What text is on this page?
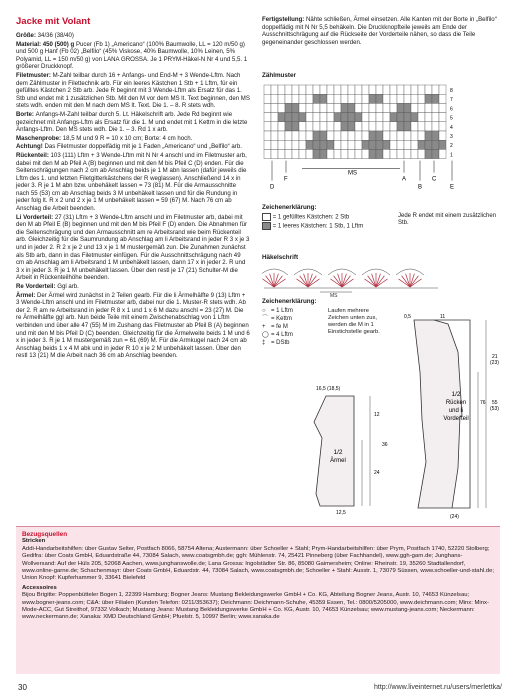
Jacke mit Volant

Größe: 34/36 (38/40)

Material: 450 (500) g Pucer (Fb 1) „Americano“ (100% Baumwolle, LL = 120 m/50 g) und 500 g Hanf (Fb 02) „Belfilo“ (45% Viskose, 40% Baumwolle, 10% Leinen, 5% Polyamid, LL = 150 m/50 g) von LANA GROSSA. Je 1 PRYM-Häkel-N Nr 4 und 5,5. 1 größerer Druckknopf.

Filetmuster: M-Zahl teilbar durch 16 + Anfangs- und End-M + 3 Wende-Lftm. Nach dem Zählmuster in Filettechnik arb. Für ein leeres Kästchen 1 Stb + 1 Lftm, für ein gefülltes Kästchen 2 Stb arb. Jede R beginnt mit 3 Wende-Lftm als Ersatz für das 1. Stb und endet mit 1 zusätzlichen Stb. Mit den M vor dem MS lt. Text beginnen, den MS stets wdh. enden mit den M nach dem MS lt. Text. Die 1. – 8. R stets wdh.

Borte: Anfangs-M-Zahl teilbar durch 5. Lt. Häkelschrift arb. Jede Rd beginnt wie gezeichnet mit Anfangs-Lftm als Ersatz für die 1. M und endet mit 1 Kettm in die letzte Anfangs-Lftm. Den MS stets wdh. Die 1. – 3. Rd 1 x arb.

Maschenprobe: 18,5 M und 9 R = 10 x 10 cm; Borte: 4 cm hoch.

Achtung! Das Filetmuster doppelfädig mit je 1 Faden „Americano“ und „Belfilo“ arb.

Rückenteil: 103 (111) Lftm + 3 Wende-Lftm mit N Nr 4 anschl und im Filetmuster arb, dabei mit den M ab Pfeil A (B) beginnen und mit den M bis Pfeil C (D) enden. Für die Seitenschrägungen nach 2 cm ab Anschlag beids je 1 M abn lassen (dafür jeweils die Lftm des 1. und letzten Filetgitterkästchens der R weglassen). Anschließend 14 x in jeder 3. R je 1 M abn bzw. unbehäkelt lassen = 73 (81) M. Für die Armausschnitte nach 55 (53) cm ab Anschlag beids 3 M unbehäkelt lassen und für die Rundung in jeder folg lt. R x 2 und 2 x je 1 M unbehäkelt lassen = 59 (67) M. Nach 76 cm ab Anschlag die Arbeit beenden.

Li Vorderteil: 27 (31) Lftm + 3 Wende-Lftm anschl und im Filetmuster arb, dabei mit den M ab Pfeil E (B) beginnen und mit den M bis Pfeil F (D) enden. Die Abnahmen für die Seitenschrägung und den Armausschnitt am re Arbeitsrand wie beim Rückenteil arb. Gleichzeitig für die Saumrundung ab Anschlag am li Arbeitsrand in jeder R 3 x je 3 und in jeder 2. R 2 x je 2 und 13 x je 1 M mustergemäß zun. Die Zunahmen zunächst als Stb arb, dann in das Filetmuster einfügen. Für die Ausschnittschrägung nach 49 cm ab Anschlag am li Arbeitsrand 1 M unbehäkelt lassen, dann 17 x in jeder 2. R und 3 x in jeder 3. R je 1 M unbehäkelt lassen. Über den restl je 17 (21) Schulter-M die Arbeit in Rückenteilhöhe beenden.

Re Vorderteil: Ggl arb.

Ärmel: Der Ärmel wird zunächst in 2 Teilen gearb. Für die li Ärmelhälfte 9 (13) Lftm + 3 Wende-Lftm anschl und im Filetmuster arb, dabei nur die 1. Muster-R stets wdh. Ab der 2. R am re Arbeitsrand in jeder R 8 x 1 und 1 x 6 M dazu anschl = 23 (27) M. Die re Ärmelhälfte ggl arb. Nun beide Teile mit einem Zwischenabschlag von 1 Lftm verbinden und über alle 47 (55) M im Zushang das Filetmuster ab Pfeil B (A) beginnen und mit den M bis Pfeil D (C) beenden. Gleichzeitig für die Ärmelweite beids 1 M und 6 x in jeder 3. R je 1 M mustergemäß zun = 61 (69) M. Für die Armkugel nach 24 cm ab Anschlag beids 1 x 4 M abk und in jeder R 10 x je 2 M unbehäkelt lassen. Über den restl 13 (21) M die Arbeit nach 36 cm ab Anschlag beenden.

Fertigstellung: Nähte schließen, Ärmel einsetzen. Alle Kanten mit der Borte in „Belfilo“ doppelfädig mit N Nr 5,5 behäkeln. Die Druckknopfteile jeweils am Ende der Ausschnittschrägung auf die Rückseite der Vorderteile nähen, so dass die Teile gegeneinander geschlossen werden.

Zählmuster
8
7
6
5
4
3
2
1
D
F
MS
A
B
C
E
Zeichenerklärung:
= 1 gefülltes Kästchen: 2 Stb
= 1 leeres Kästchen: 1 Stb, 1 Lftm
Jede R endet mit einem zusätzlichen Stb.
Häkelschrift
MS
Zeichenerklärung:
○= 1 Lftm
⌒= Kettm
+= fe M
◯= 4 Lftm
‡= DStb
Laufen mehrere Zeichen unten zus, werden die M in 1 Einstichstelle gearb.
1/2
Rücken
und li
Vorderteil
0,5	11
21
(23)
55
(53)
76
(24)
1/2
Ärmel
16,5 (18,5)
12
24
36
12,5
Bezugsquellen
Stricken

Addi-Handarbeitshilfen: über Gustav Selter, Postfach 8066, 58754 Altena; Austermann: über Schoeller + Stahl; Prym-Handarbeitshilfen: über Prym, Postfach 1740, 52220 Stolberg; Gedifra: über Coats GmbH, Eduardstraße 44, 73084 Salach, www.coatsgmbh.de; ggh: Mühlenstr. 74, 25421 Pinneberg (über Fachhandel), www.ggh-garn.de; Junghans-Wollversand: Auf der Hüls 205, 52068 Aachen, www.junghanswolle.de; Lana Grossa: Ingolstädter Str. 86, 85080 Gaimersheim; Online: Rheinstr. 19, 35260 Stadtallendorf, www.online-garne.de; Schachenmayr: über Coats GmbH, Eduardstr. 44, 73084 Salach, www.coatsgmbh.de; Schoeller + Stahl: Ausstr. 1, 73079 Süssen, www.schoeller-und-stahl.de; Union Knopf: Kupferhammer 9, 33641 Bielefeld

Accessoires

Bijou Brigitte: Poppenbütteler Bogen 1, 22399 Hamburg; Bogner Jeans: Mustang Bekleidungswerke GmbH + Co. KG, Abteilung Bogner Jeans, Austr. 10, 74653 Künzelsau; www.bogner-jeans.com; C&A: über Filialen (Kunden Telefon: 0211/353637); Deichmann: Deichmann-Schuhe, 45359 Essen, Tel.: 0800/5205000, www.deichmann.com; Minx: Minx-Mode-ACC, Gut Streithof, 97332 Volkach; Mustang Jeans: Mustang Bekleidungswerke GmbH + Co. KG, Austr. 10, 74653 Künzelsau; www.mustang-jeans.com; Neckermann: www.neckermann.de; Xanaka: XMD Deutschland GmbH; Pfuelstr. 5, 10997 Berlin; www.xanaka.de

30	http://www.liveinternet.ru/users/merlettka/
